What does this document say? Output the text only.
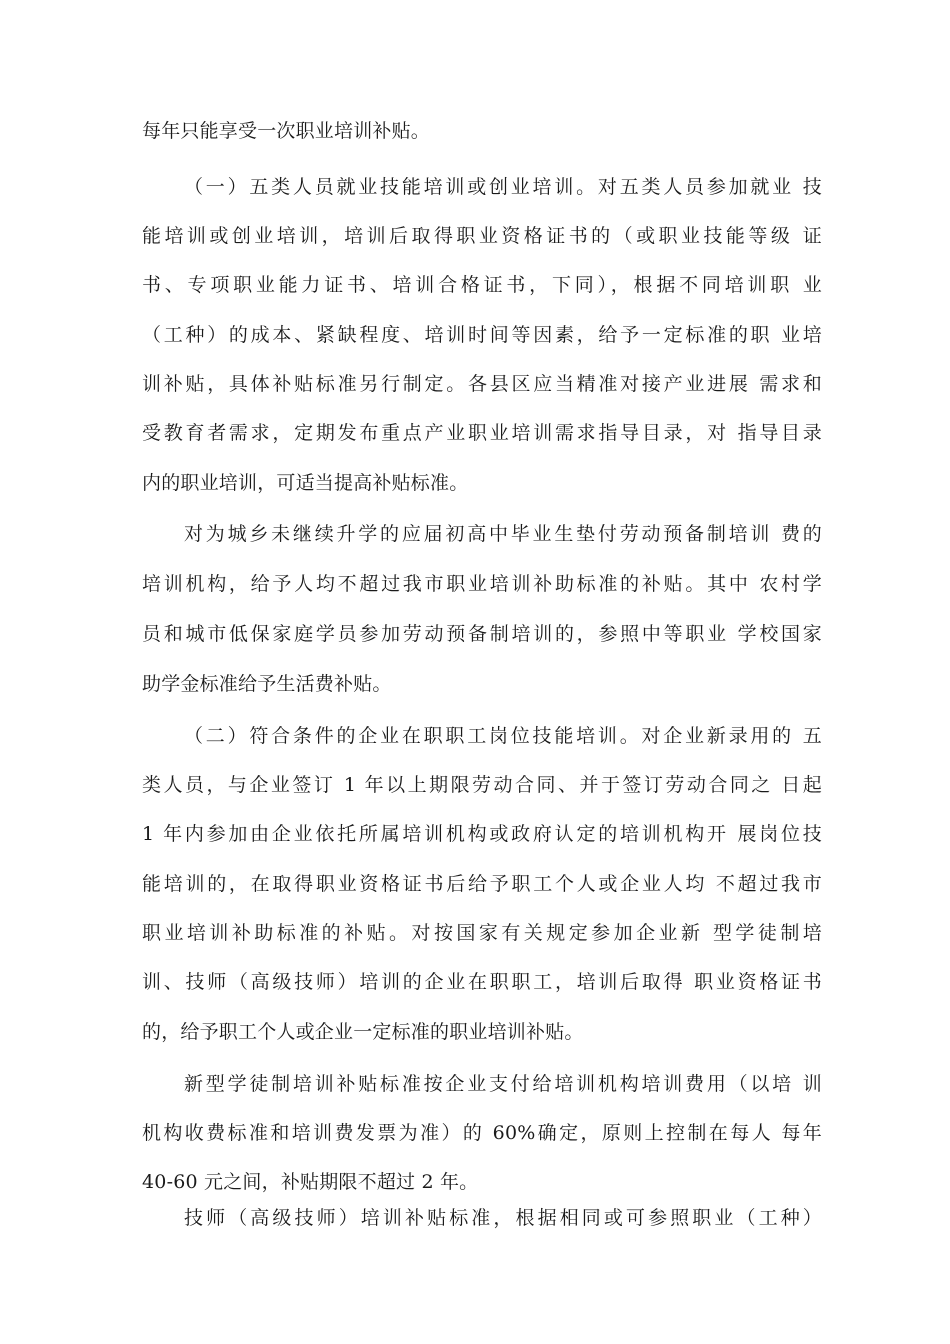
每年只能享受一次职业培训补贴。
（一）五类人员就业技能培训或创业培训。对五类人员参加就业 技
能培训或创业培训，培训后取得职业资格证书的（或职业技能等级 证
书、专项职业能力证书、培训合格证书，下同），根据不同培训职 业
（工种）的成本、紧缺程度、培训时间等因素，给予一定标准的职 业培
训补贴，具体补贴标准另行制定。各县区应当精准对接产业进展 需求和
受教育者需求，定期发布重点产业职业培训需求指导目录，对 指导目录
内的职业培训，可适当提高补贴标准。
对为城乡未继续升学的应届初高中毕业生垫付劳动预备制培训 费的
培训机构，给予人均不超过我市职业培训补助标准的补贴。其中 农村学
员和城市低保家庭学员参加劳动预备制培训的，参照中等职业 学校国家
助学金标准给予生活费补贴。
（二）符合条件的企业在职职工岗位技能培训。对企业新录用的 五
类人员，与企业签订 1 年以上期限劳动合同、并于签订劳动合同之 日起
1 年内参加由企业依托所属培训机构或政府认定的培训机构开 展岗位技
能培训的，在取得职业资格证书后给予职工个人或企业人均 不超过我市
职业培训补助标准的补贴。对按国家有关规定参加企业新 型学徒制培
训、技师（高级技师）培训的企业在职职工，培训后取得 职业资格证书
的，给予职工个人或企业一定标准的职业培训补贴。
新型学徒制培训补贴标准按企业支付给培训机构培训费用（以培 训
机构收费标准和培训费发票为准）的 60%确定，原则上控制在每人 每年
40-60 元之间，补贴期限不超过 2 年。
技师（高级技师）培训补贴标准，根据相同或可参照职业（工种）
